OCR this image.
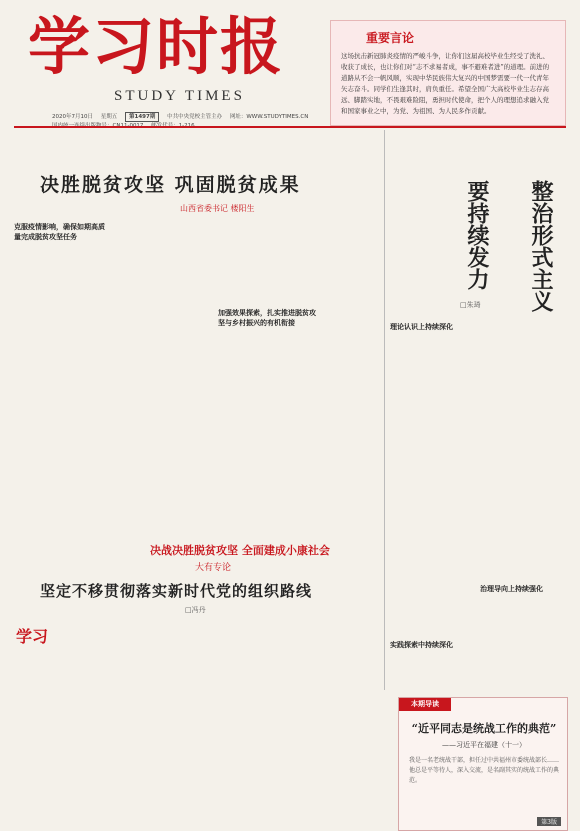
学习时报
STUDY TIMES
2020年7月10日 星期五 第1497期 中共中央党校主管主办 网址：WWW.STUDYTIMES.CN

重要言论
这场抗击新冠肺炎疫情的严峻斗争，让你们这届高校毕业生经受了洗礼、收获了成长，也让你们对“志不求易者成，事不避难者进”的道理。前进的道路从不会一帆风顺，实现中华民族伟大复兴的中国梦需要一代一代青年矢志奋斗。同学们生逢其时，肩负重任。希望全国广大高校毕业生志存高远、脚踏实地，不畏艰难险阻，勇担时代使命，把个人的理想追求融入党和国家事业之中，为党、为祖国、为人民多作贡献。
决胜脱贫攻坚 巩固脱贫成果
山西省委书记 楼阳生
克服疫情影响，确保如期高质量完成脱贫攻坚任务
加强效果探索，扎实推进脱贫攻坚与乡村振兴的有机衔接
决战决胜脱贫攻坚 全面建成小康社会
大有专论
整治形式主义
要持续发力
□朱琦
理论认识上持续深化
实践探索中持续深化
治理导向上持续强化
坚定不移贯彻落实新时代党的组织路线
□冯丹
学习
本期导读
“近平同志是统战工作的典范”
——习近平在福建（十一）
我是一名老统战干部，担任过中共福州市委统战部长……他总是平等待人，深入交流，是名副其实的统战工作的典范。
第3版
